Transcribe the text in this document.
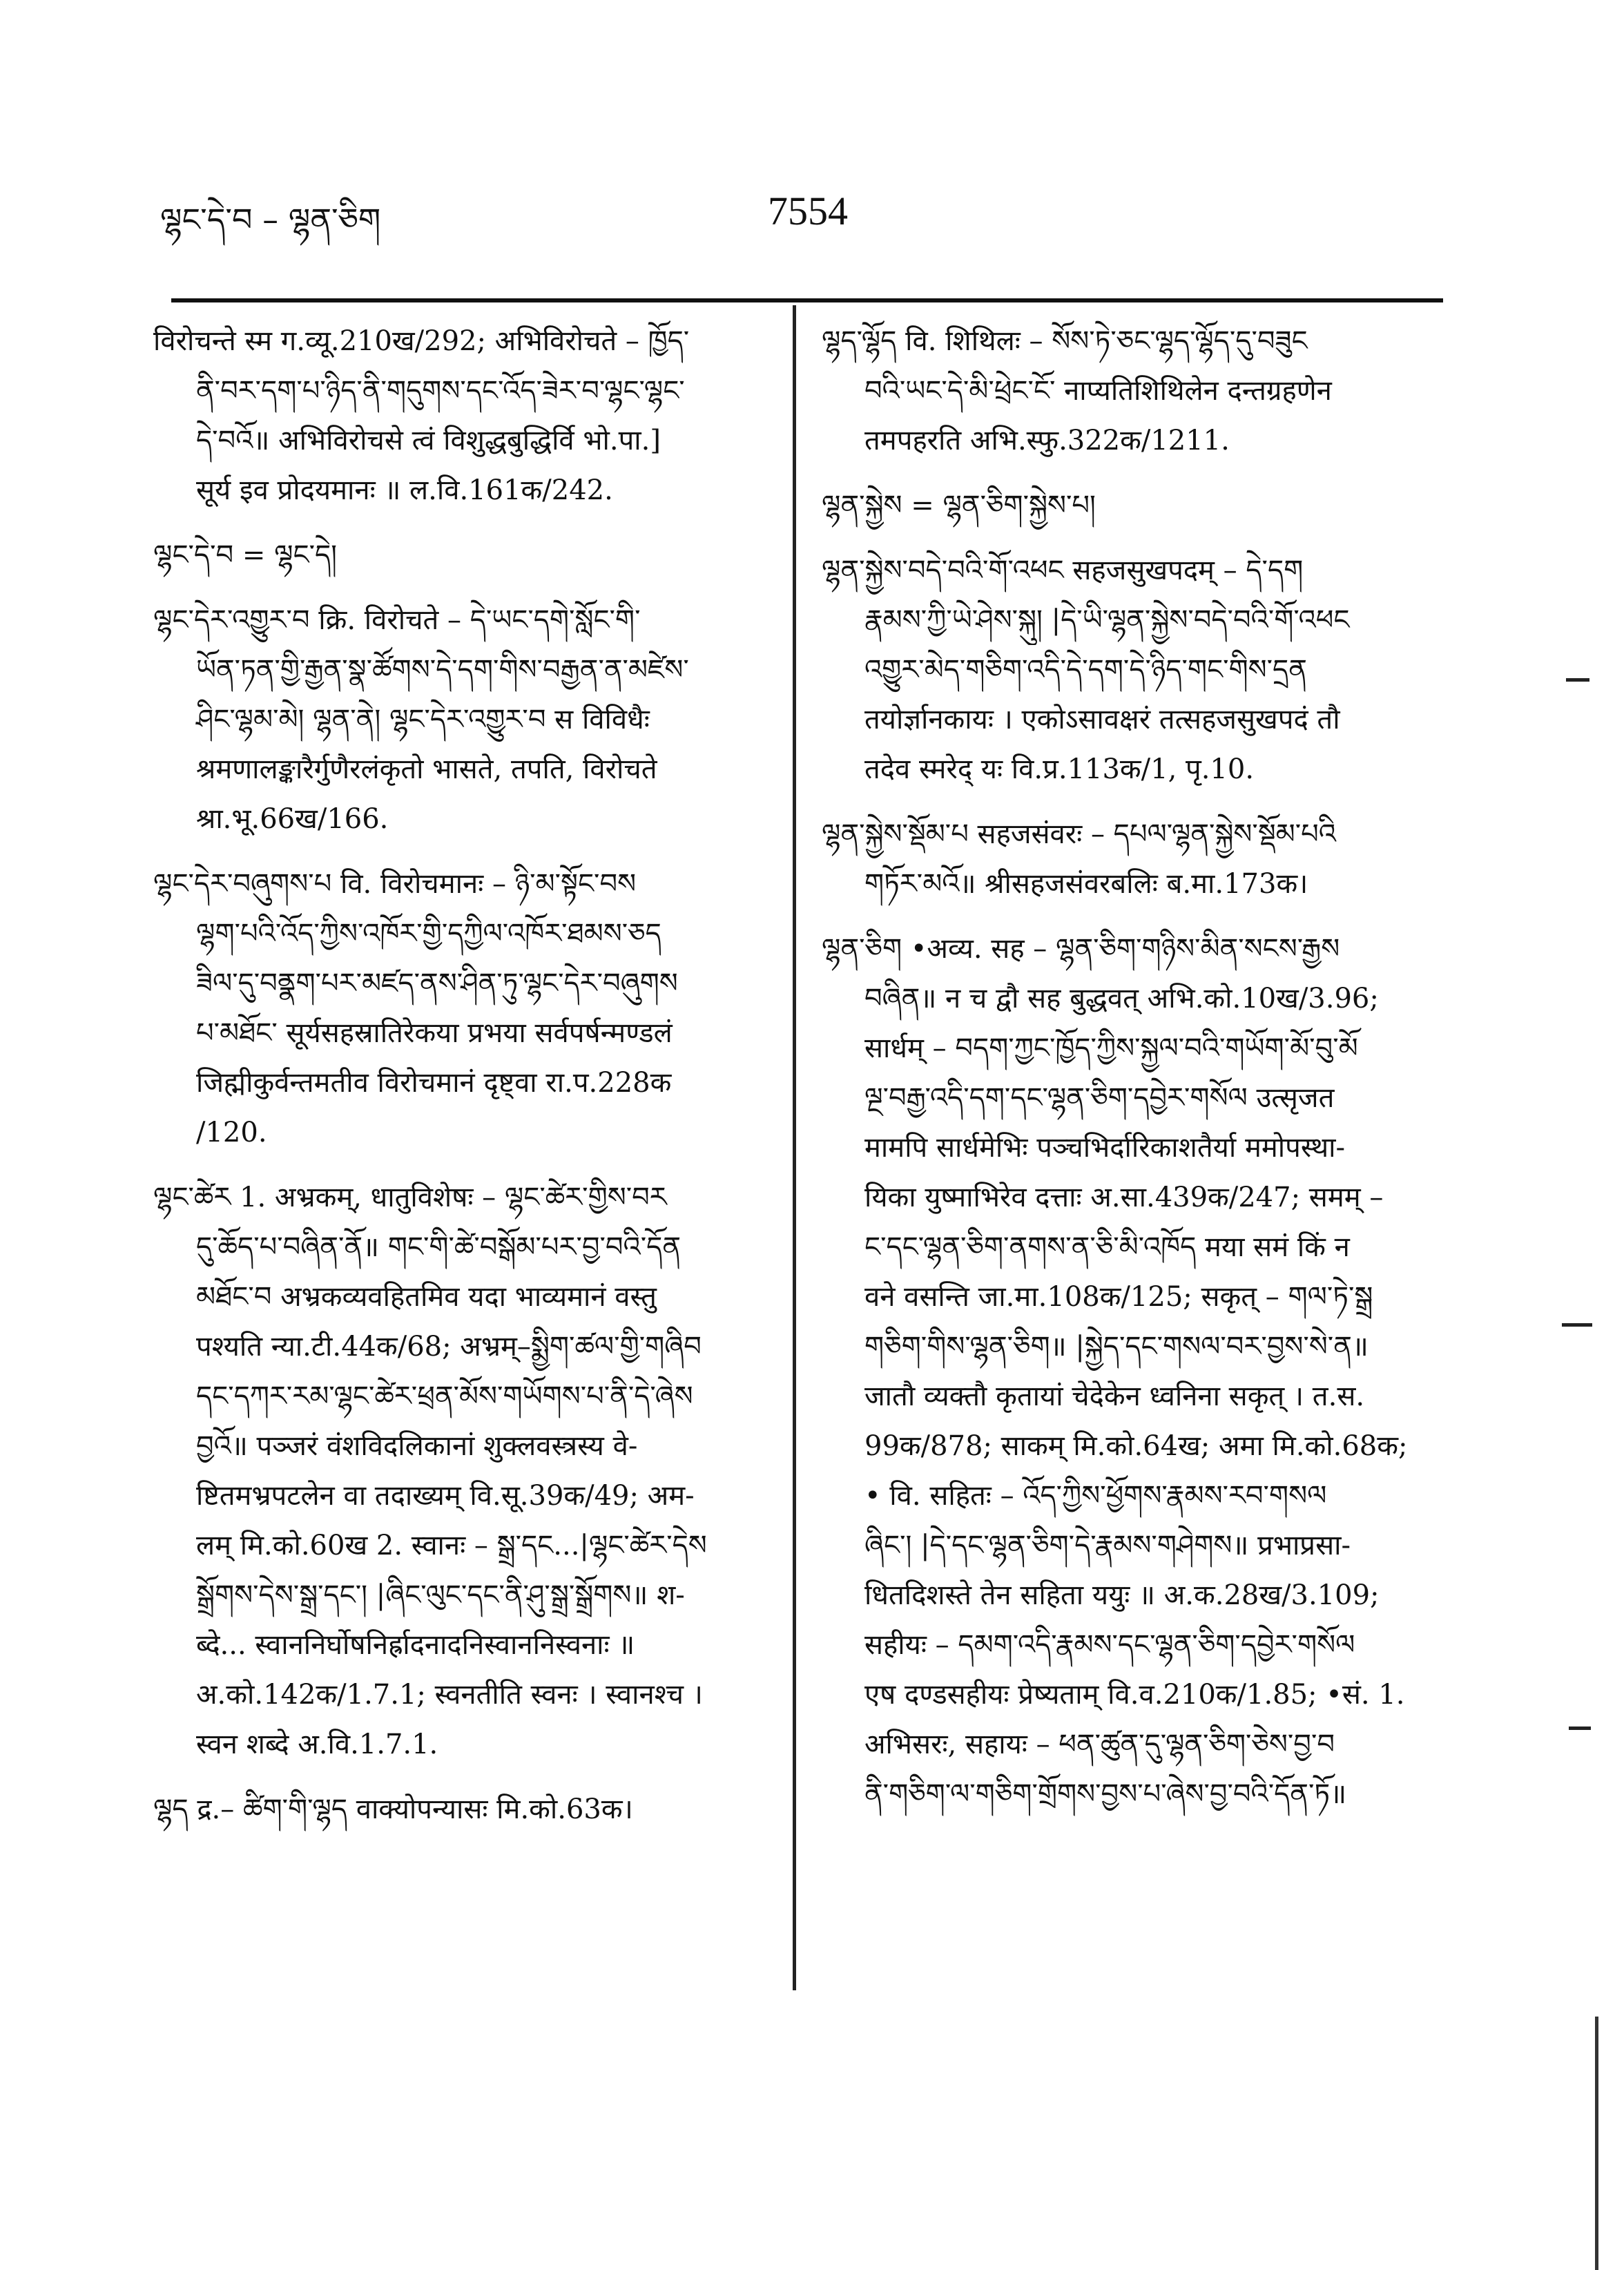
ལྷང་དེ་བ – ལྷན་ཅིག	7554
विरोचन्ते स्म ग.व्यू.210ख/292; अभिविरोचते – ཁྱོད་
ནི་བར་དག་པ་ཉིད་ནི་གདུགས་དང་འོད་ཟེར་བ་ལྷང་ལྷང་
དེ་བའོ॥ अभिविरोचसे त्वं विशुद्धबुद्धिर्वि भो.पा.]
सूर्य इव प्रोदयमानः ॥ ल.वि.161क/242.
ལྷང་དེ་བ = ལྷང་དེ།
ལྷང་དེར་འགྱུར་བ क्रि. विरोचते – དེ་ཡང་དགེ་སློང་གི་
ཡོན་ཏན་གྱི་རྒྱན་སྣ་ཚོགས་དེ་དག་གིས་བརྒྱན་ན་མཛེས་
ཤིང་ལྷམ་མེ། ལྷན་ནེ། ལྷང་དེར་འགྱུར་བ स विविधैः
श्रमणालङ्कारैर्गुणैरलंकृतो भासते, तपति, विरोचते
श्रा.भू.66ख/166.
ལྷང་དེར་བཞུགས་པ वि. विरोचमानः – ཉི་མ་སྟོང་བས
ལྷག་པའི་འོད་ཀྱིས་འཁོར་གྱི་དཀྱིལ་འཁོར་ཐམས་ཅད
ཟིལ་དུ་བནྣག་པར་མཛད་ནས་ཤིན་ཏུ་ལྷང་དེར་བཞུགས
པ་མཐོང་ सूर्यसहस्रातिरेकया प्रभया सर्वपर्षन्मण्डलं
जिह्मीकुर्वन्तमतीव विरोचमानं दृष्ट्वा रा.प.228क
/120.
ལྷང་ཚེར 1. अभ्रकम्, धातुविशेषः – ལྷང་ཚེར་གྱིས་བར
དུ་ཆོད་པ་བཞིན་ནོ॥ གང་གི་ཚེ་བསྒོམ་པར་བྱ་བའི་དོན
མཐོང་བ अभ्रकव्यवहितमिव यदा भाव्यमानं वस्तु
पश्यति न्या.टी.44क/68; अभ्रम्–སྨྱིག་ཚལ་གྱི་གཞིབ
དང་དཀར་རམ་ལྷང་ཚེར་ཕྲན་མོས་གཡོགས་པ་ནི་དེ་ཞེས
བྱའོ॥ पञ्जरं वंशविदलिकानां शुक्लवस्त्रस्य वे-
ष्टितमभ्रपटलेन वा तदाख्यम् वि.सू.39क/49; अम-
लम् मि.को.60ख 2. स्वानः – སྒྲ་དང...|ལྷང་ཚེར་དེས
སྒྲོགས་དེས་སྒྲ་དང་། |ཞིང་ལུང་དང་ནི་ཤུ་སྒྲ་སྒྲོགས॥ श-
ब्दे... स्वाननिर्घोषनिर्ह्रादनादनिस्वाननिस्वनाः ॥
अ.को.142क/1.7.1; स्वनतीति स्वनः । स्वानश्च ।
स्वन शब्दे अ.वि.1.7.1.
ལྷད द्र.– ཚིག་གི་ལྷད वाक्योपन्यासः मि.को.63क।
ལྷད་ལྷོད वि. शिथिलः – སོས་ཏེ་ཅང་ལྷད་ལྷོད་དུ་བཟུང
བའི་ཡང་དེ་མི་ཕྲེང་ངོ་ नाप्यतिशिथिलेन दन्तग्रहणेन
तमपहरति अभि.स्फु.322क/1211.
ལྷན་སྐྱེས = ལྷན་ཅིག་སྐྱེས་པ།
ལྷན་སྐྱེས་བདེ་བའི་གོ་འཕང सहजसुखपदम् – དེ་དག
རྣམས་ཀྱི་ཡེ་ཤེས་སྐུ། |དེ་ཡི་ལྷན་སྐྱེས་བདེ་བའི་གོ་འཕང
འགྱུར་མེད་གཅིག་འདི་དེ་དག་དེ་ཉིད་གང་གིས་དྲན
तयोर्ज्ञानकायः । एकोऽसावक्षरं तत्सहजसुखपदं तौ
तदेव स्मरेद् यः वि.प्र.113क/1, पृ.10.
ལྷན་སྐྱེས་སྡོམ་པ सहजसंवरः – དཔལ་ལྷན་སྐྱེས་སྡོམ་པའི
གཏོར་མའོ॥ श्रीसहजसंवरबलिः ब.मा.173क।
ལྷན་ཅིག •अव्य. सह – ལྷན་ཅིག་གཉིས་མིན་སངས་རྒྱས
བཞིན॥ न च द्वौ सह बुद्धवत् अभि.को.10ख/3.96;
सार्धम् – བདག་ཀྱང་ཁྱོད་ཀྱིས་སྐྱལ་བའི་གཡོག་མོ་བུ་མོ
ལྔ་བརྒྱ་འདི་དག་དང་ལྷན་ཅིག་དབྱེར་གསོལ उत्सृजत
मामपि सार्धमेभिः पञ्चभिर्दारिकाशतैर्या ममोपस्था-
यिका युष्माभिरेव दत्ताः अ.सा.439क/247; समम् –
ང་དང་ལྷན་ཅིག་ནགས་ན་ཅི་མི་འཁོད मया समं किं न
वने वसन्ति जा.मा.108क/125; सकृत् – གལ་ཏེ་སྒྲ
གཅིག་གིས་ལྷན་ཅིག॥ |སྐྱེད་དང་གསལ་བར་བྱས་སེ་ན॥
जातौ व्यक्तौ कृतायां चेदेकेन ध्वनिना सकृत् । त.स.
99क/878; साकम् मि.को.64ख; अमा मि.को.68क;
• वि. सहितः – འོད་ཀྱིས་ཕྱོགས་རྣམས་རབ་གསལ
ཞིང་། |དེ་དང་ལྷན་ཅིག་དེ་རྣམས་གཤེགས॥ प्रभाप्रसा-
धितदिशस्ते तेन सहिता ययुः ॥ अ.क.28ख/3.109;
सहीयः – དམག་འདི་རྣམས་དང་ལྷན་ཅིག་དབྱེར་གསོལ
एष दण्डसहीयः प्रेष्यताम् वि.व.210क/1.85; •सं. 1.
अभिसरः, सहायः – ཕན་ཚུན་དུ་ལྷན་ཅིག་ཅེས་བྱ་བ
ནི་གཅིག་ལ་གཅིག་གྲོགས་བྱས་པ་ཞེས་བྱ་བའི་དོན་ཏོ॥
